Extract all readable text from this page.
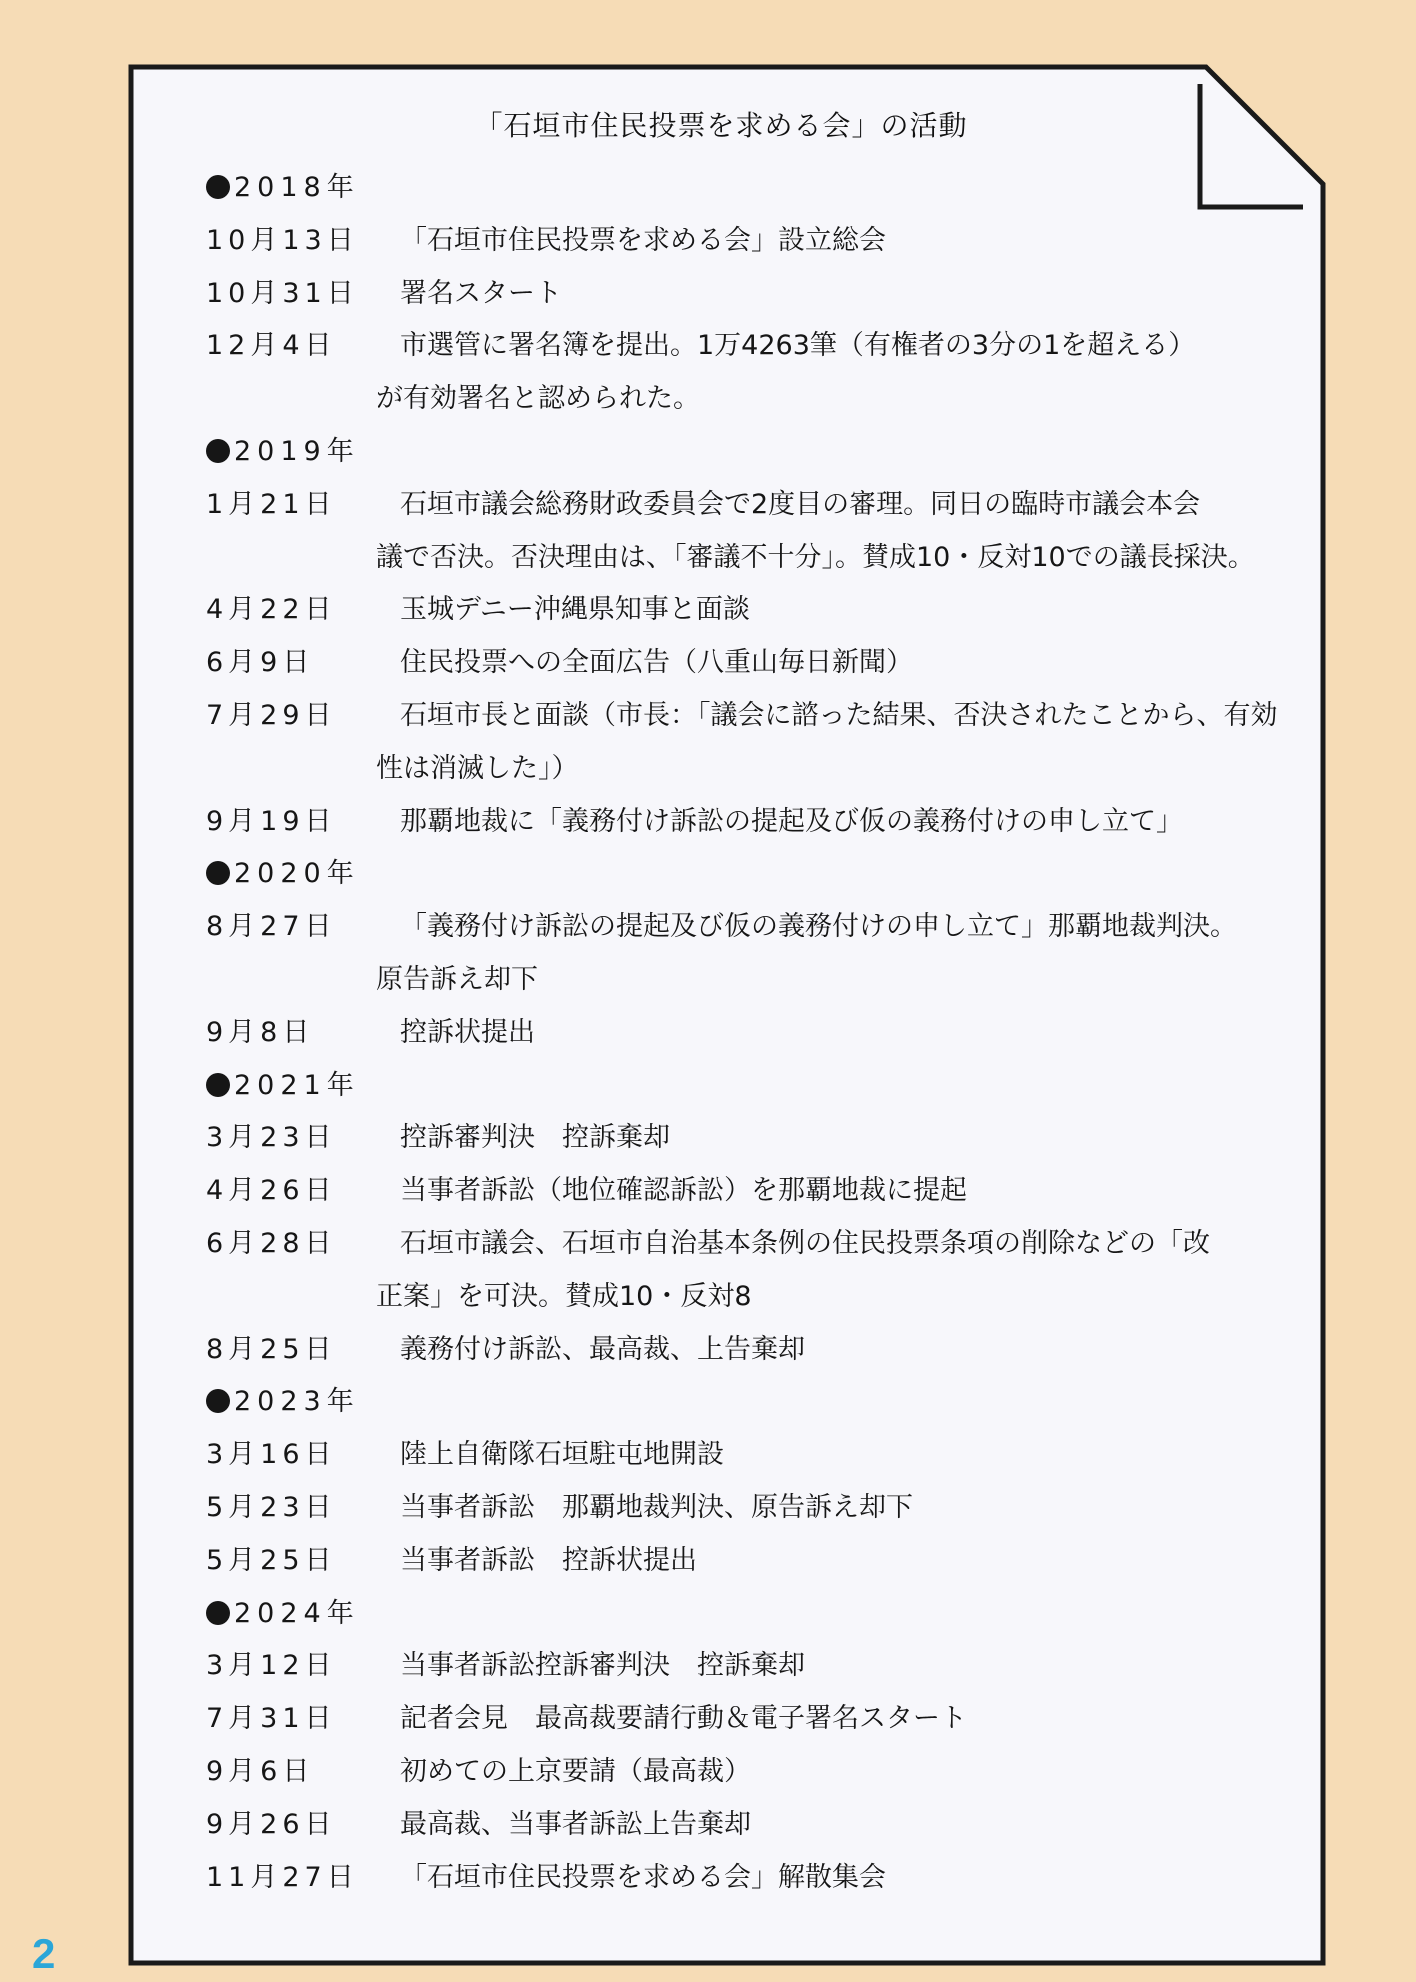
「石垣市住民投票を求める会」の活動
2018年
10月13日 「石垣市住民投票を求める会」設立総会
10月31日 署名スタート
12月4日 市選管に署名簿を提出。1万4263筆（有権者の3分の1を超える）
が有効署名と認められた。
2019年
1月21日 石垣市議会総務財政委員会で2度目の審理。同日の臨時市議会本会
議で否決。否決理由は、「審議不十分」。賛成10・反対10での議長採決。
4月22日 玉城デニー沖縄県知事と面談
6月9日	住民投票への全面広告（八重山毎日新聞）
7月29日 石垣市長と面談（市長：「議会に諮った結果、否決されたことから、有効
性は消滅した」）
9月19日 那覇地裁に「義務付け訴訟の提起及び仮の義務付けの申し立て」
2020年
8月27日 「義務付け訴訟の提起及び仮の義務付けの申し立て」那覇地裁判決。
原告訴え却下
9月8日	控訴状提出
2021年
3月23日 控訴審判決　控訴棄却
4月26日 当事者訴訟（地位確認訴訟）を那覇地裁に提起
6月28日 石垣市議会、石垣市自治基本条例の住民投票条項の削除などの「改
正案」を可決。賛成10・反対8
8月25日 義務付け訴訟、最高裁、上告棄却
2023年
3月16日 陸上自衛隊石垣駐屯地開設
5月23日 当事者訴訟　那覇地裁判決、原告訴え却下
5月25日 当事者訴訟　控訴状提出
2024年
3月12日 当事者訴訟控訴審判決　控訴棄却
7月31日 記者会見　最高裁要請行動＆電子署名スタート
9月6日	初めての上京要請（最高裁）
9月26日 最高裁、当事者訴訟上告棄却
11月27日 「石垣市住民投票を求める会」解散集会
2
